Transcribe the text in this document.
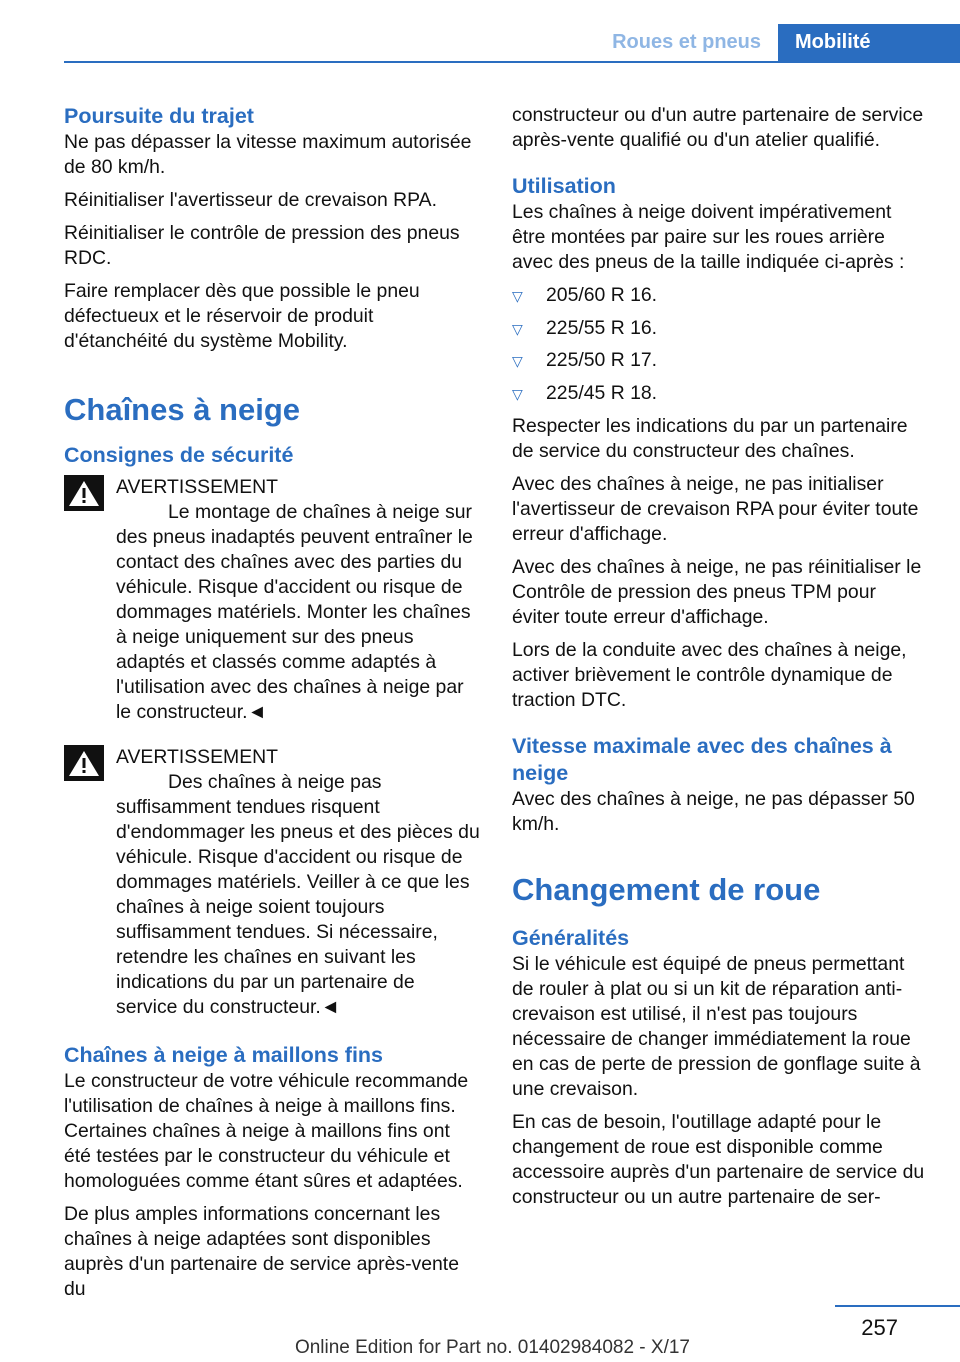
Roues et pneus	Mobilité
Poursuite du trajet

Ne pas dépasser la vitesse maximum autorisée de 80 km/h.

Réinitialiser l'avertisseur de crevaison RPA.

Réinitialiser le contrôle de pression des pneus RDC.

Faire remplacer dès que possible le pneu défectueux et le réservoir de produit d'étanchéité du système Mobility.

Chaînes à neige
Consignes de sécurité

AVERTISSEMENT

Le montage de chaînes à neige sur des pneus inadaptés peuvent entraîner le contact des chaînes avec des parties du véhicule. Risque d'accident ou risque de dommages matériels. Monter les chaînes à neige uniquement sur des pneus adaptés et classés comme adaptés à l'utilisation avec des chaînes à neige par le constructeur.◄

AVERTISSEMENT

Des chaînes à neige pas suffisamment tendues risquent d'endommager les pneus et des pièces du véhicule. Risque d'accident ou risque de dommages matériels. Veiller à ce que les chaînes à neige soient toujours suffisamment tendues. Si nécessaire, retendre les chaînes en suivant les indications du par un partenaire de service du constructeur.◄

Chaînes à neige à maillons fins

Le constructeur de votre véhicule recommande l'utilisation de chaînes à neige à maillons fins. Certaines chaînes à neige à maillons fins ont été testées par le constructeur du véhicule et homologuées comme étant sûres et adaptées.

De plus amples informations concernant les chaînes à neige adaptées sont disponibles auprès d'un partenaire de service après-vente du

constructeur ou d'un autre partenaire de service après-vente qualifié ou d'un atelier qualifié.

Utilisation

Les chaînes à neige doivent impérativement être montées par paire sur les roues arrière avec des pneus de la taille indiquée ci-après :

▽ 205/60 R 16.
▽ 225/55 R 16.
▽ 225/50 R 17.
▽ 225/45 R 18.

Respecter les indications du par un partenaire de service du constructeur des chaînes.

Avec des chaînes à neige, ne pas initialiser l'avertisseur de crevaison RPA pour éviter toute erreur d'affichage.

Avec des chaînes à neige, ne pas réinitialiser le Contrôle de pression des pneus TPM pour éviter toute erreur d'affichage.

Lors de la conduite avec des chaînes à neige, activer brièvement le contrôle dynamique de traction DTC.

Vitesse maximale avec des chaînes à neige

Avec des chaînes à neige, ne pas dépasser 50 km/h.

Changement de roue
Généralités

Si le véhicule est équipé de pneus permettant de rouler à plat ou si un kit de réparation anti-crevaison est utilisé, il n'est pas toujours nécessaire de changer immédiatement la roue en cas de perte de pression de gonflage suite à une crevaison.

En cas de besoin, l'outillage adapté pour le changement de roue est disponible comme accessoire auprès d'un partenaire de service du constructeur ou un autre partenaire de ser-

257
Online Edition for Part no. 01402984082 - X/17
